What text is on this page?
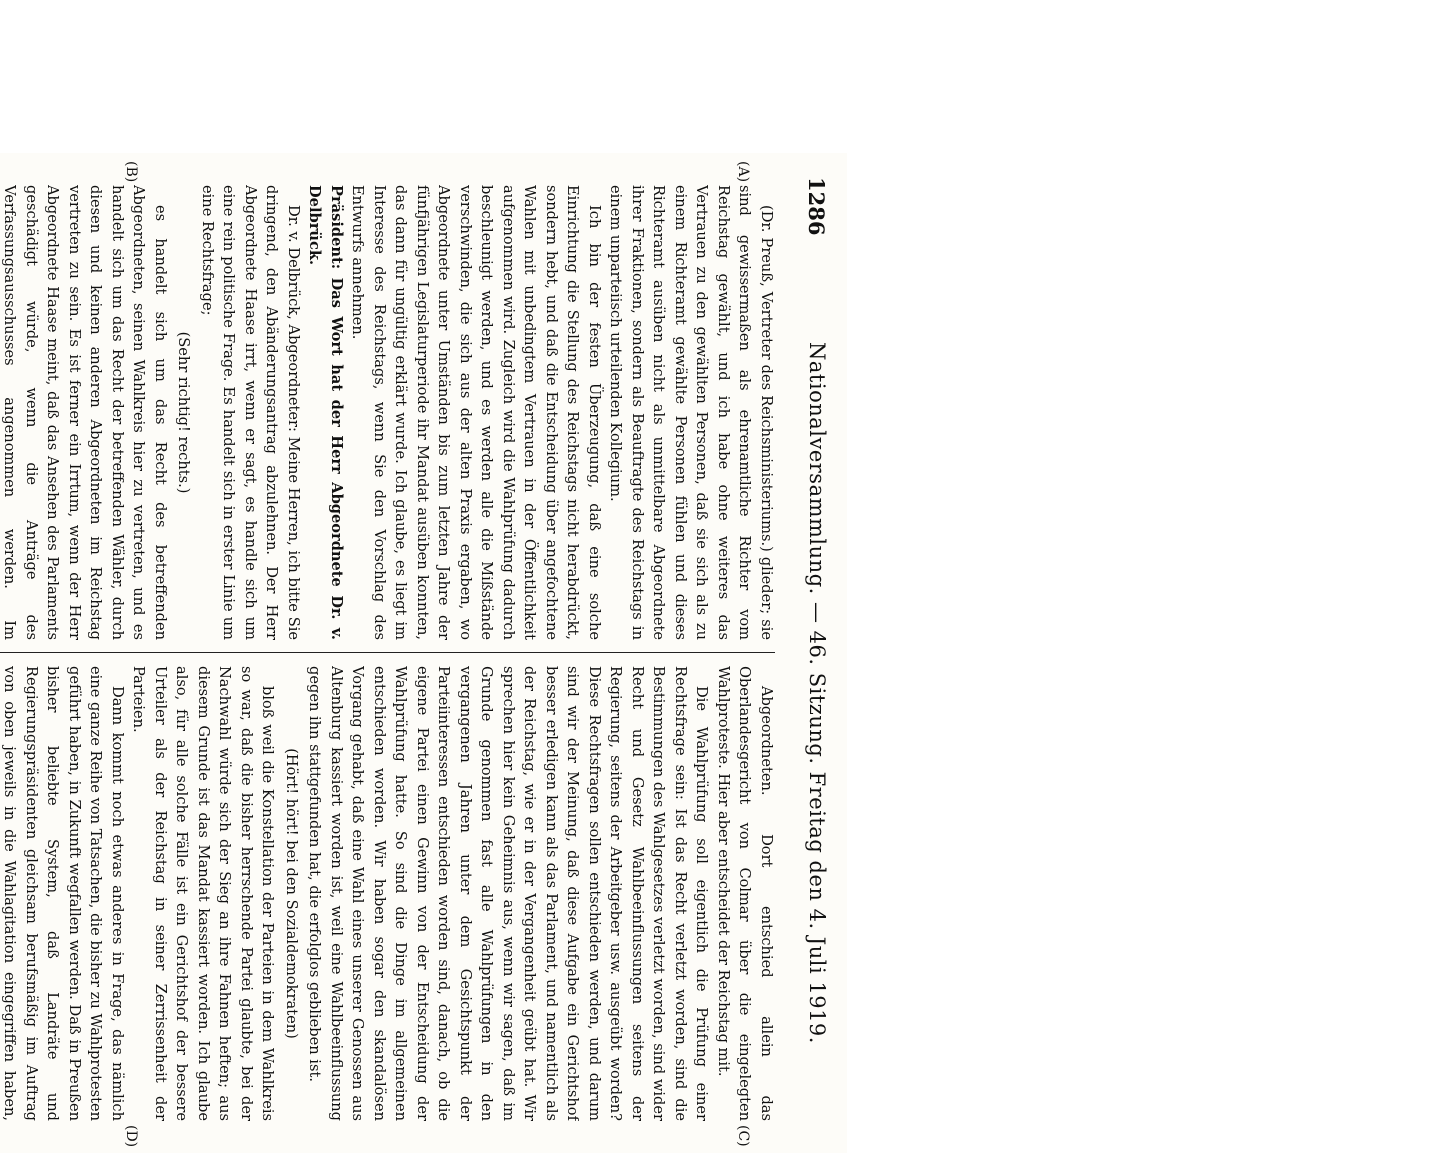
1286
Nationalversammlung. — 46. Sitzung. Freitag den 4. Juli 1919.
(A)
(B)
(C)
(D)

(Dr. Preuß, Vertreter des Reichsministeriums.) glieder; sie sind gewissermaßen als ehrenamtliche Richter vom Reichstag gewählt, und ich habe ohne weiteres das Vertrauen zu den gewählten Personen, daß sie sich als zu einem Richteramt gewählte Personen fühlen und dieses Richteramt ausüben nicht als unmittelbare Abgeordnete ihrer Fraktionen, sondern als Beauftragte des Reichstags in einem unparteiisch urteilenden Kollegium.

Ich bin der festen Überzeugung, daß eine solche Einrichtung die Stellung des Reichstags nicht herabdrückt, sondern hebt, und daß die Entscheidung über angefochtene Wahlen mit unbedingtem Vertrauen in der Öffentlichkeit aufgenommen wird. Zugleich wird die Wahlprüfung dadurch beschleunigt werden, und es werden alle die Mißstände verschwinden, die sich aus der alten Praxis ergaben, wo Abgeordnete unter Umständen bis zum letzten Jahre der fünfjährigen Legislaturperiode ihr Mandat ausüben konnten, das dann für ungültig erklärt wurde. Ich glaube, es liegt im Interesse des Reichstags, wenn Sie den Vorschlag des Entwurfs annehmen.

Präsident: Das Wort hat der Herr Abgeordnete Dr. v. Delbrück.

Dr. v. Delbrück, Abgeordneter: Meine Herren, ich bitte Sie dringend, den Abänderungsantrag abzulehnen. Der Herr Abgeordnete Haase irrt, wenn er sagt, es handle sich um eine rein politische Frage. Es handelt sich in erster Linie um eine Rechtsfrage;

(Sehr richtig! rechts.)

es handelt sich um das Recht des betreffenden Abgeordneten, seinen Wahlkreis hier zu vertreten, und es handelt sich um das Recht der betreffenden Wähler, durch diesen und keinen anderen Abgeordneten im Reichstag vertreten zu sein. Es ist ferner ein Irrtum, wenn der Herr Abgeordnete Haase meint, daß das Ansehen des Parlaments geschädigt würde, wenn die Anträge des Verfassungsausschusses angenommen werden. Im

Abgeordneten. Dort entschied allein das Oberlandesgericht von Colmar über die eingelegten Wahlproteste. Hier aber entscheidet der Reichstag mit.

Die Wahlprüfung soll eigentlich die Prüfung einer Rechtsfrage sein: Ist das Recht verletzt worden, sind die Bestimmungen des Wahlgesetzes verletzt worden, sind wider Recht und Gesetz Wahlbeeinflussungen seitens der Regierung, seitens der Arbeitgeber usw. ausgeübt worden? Diese Rechtsfragen sollen entschieden werden, und darum sind wir der Meinung, daß diese Aufgabe ein Gerichtshof besser erledigen kann als das Parlament, und namentlich als der Reichstag, wie er in der Vergangenheit geübt hat. Wir sprechen hier kein Geheimnis aus, wenn wir sagen, daß im Grunde genommen fast alle Wahlprüfungen in den vergangenen Jahren unter dem Gesichtspunkt der Parteiinteressen entschieden worden sind, danach, ob die eigene Partei einen Gewinn von der Entscheidung der Wahlprüfung hatte. So sind die Dinge im allgemeinen entschieden worden. Wir haben sogar den skandalösen Vorgang gehabt, daß eine Wahl eines unserer Genossen aus Altenburg kassiert worden ist, weil eine Wahlbeeinflussung gegen ihn stattgefunden hat, die erfolglos geblieben ist.

(Hört! hört! bei den Sozialdemokraten)

bloß weil die Konstellation der Parteien in dem Wahlkreis so war, daß die bisher herrschende Partei glaubte, bei der Nachwahl würde sich der Sieg an ihre Fahnen heften; aus diesem Grunde ist das Mandat kassiert worden. Ich glaube also, für alle solche Fälle ist ein Gerichtshof der bessere Urteiler als der Reichstag in seiner Zerrissenheit der Parteien.

Dann kommt noch etwas anderes in Frage, das nämlich eine ganze Reihe von Tatsachen, die bisher zu Wahlprotesten geführt haben, in Zukunft wegfallen werden. Daß in Preußen bisher beliebte System, daß Landräte und Regierungspräsidenten gleichsam berufsmäßig im Auftrag von oben jeweils in die Wahlagitation eingegriffen haben,
